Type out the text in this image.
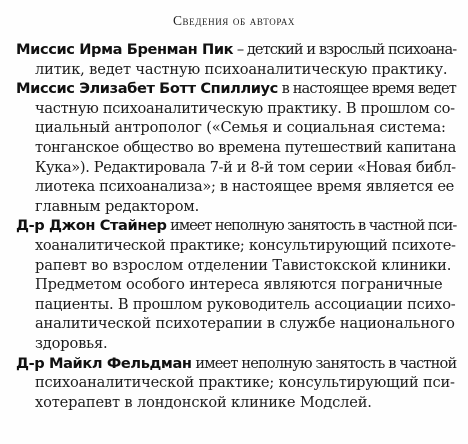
Сведения об авторах

Миссис Ирма Бренман Пик – детский и взрослый психоана-
литик, ведет частную психоаналитическую практику.

Миссис Элизабет Ботт Спиллиус в настоящее время ведет
частную психоаналитическую практику. В прошлом со-
циальный антрополог («Семья и социальная система:
тонганское общество во времена путешествий капитана
Кука»). Редактировала 7-й и 8-й том серии «Новая библ-
лиотека психоанализа»; в настоящее время является ее
главным редактором.

Д-р Джон Стайнер имеет неполную занятость в частной пси-
хоаналитической практике; консультирующий психоте-
рапевт во взрослом отделении Тавистокской клиники.
Предметом особого интереса являются пограничные
пациенты. В прошлом руководитель ассоциации психо-
аналитической психотерапии в службе национального
здоровья.

Д-р Майкл Фельдман имеет неполную занятость в частной
психоаналитической практике; консультирующий пси-
хотерапевт в лондонской клинике Модслей.
